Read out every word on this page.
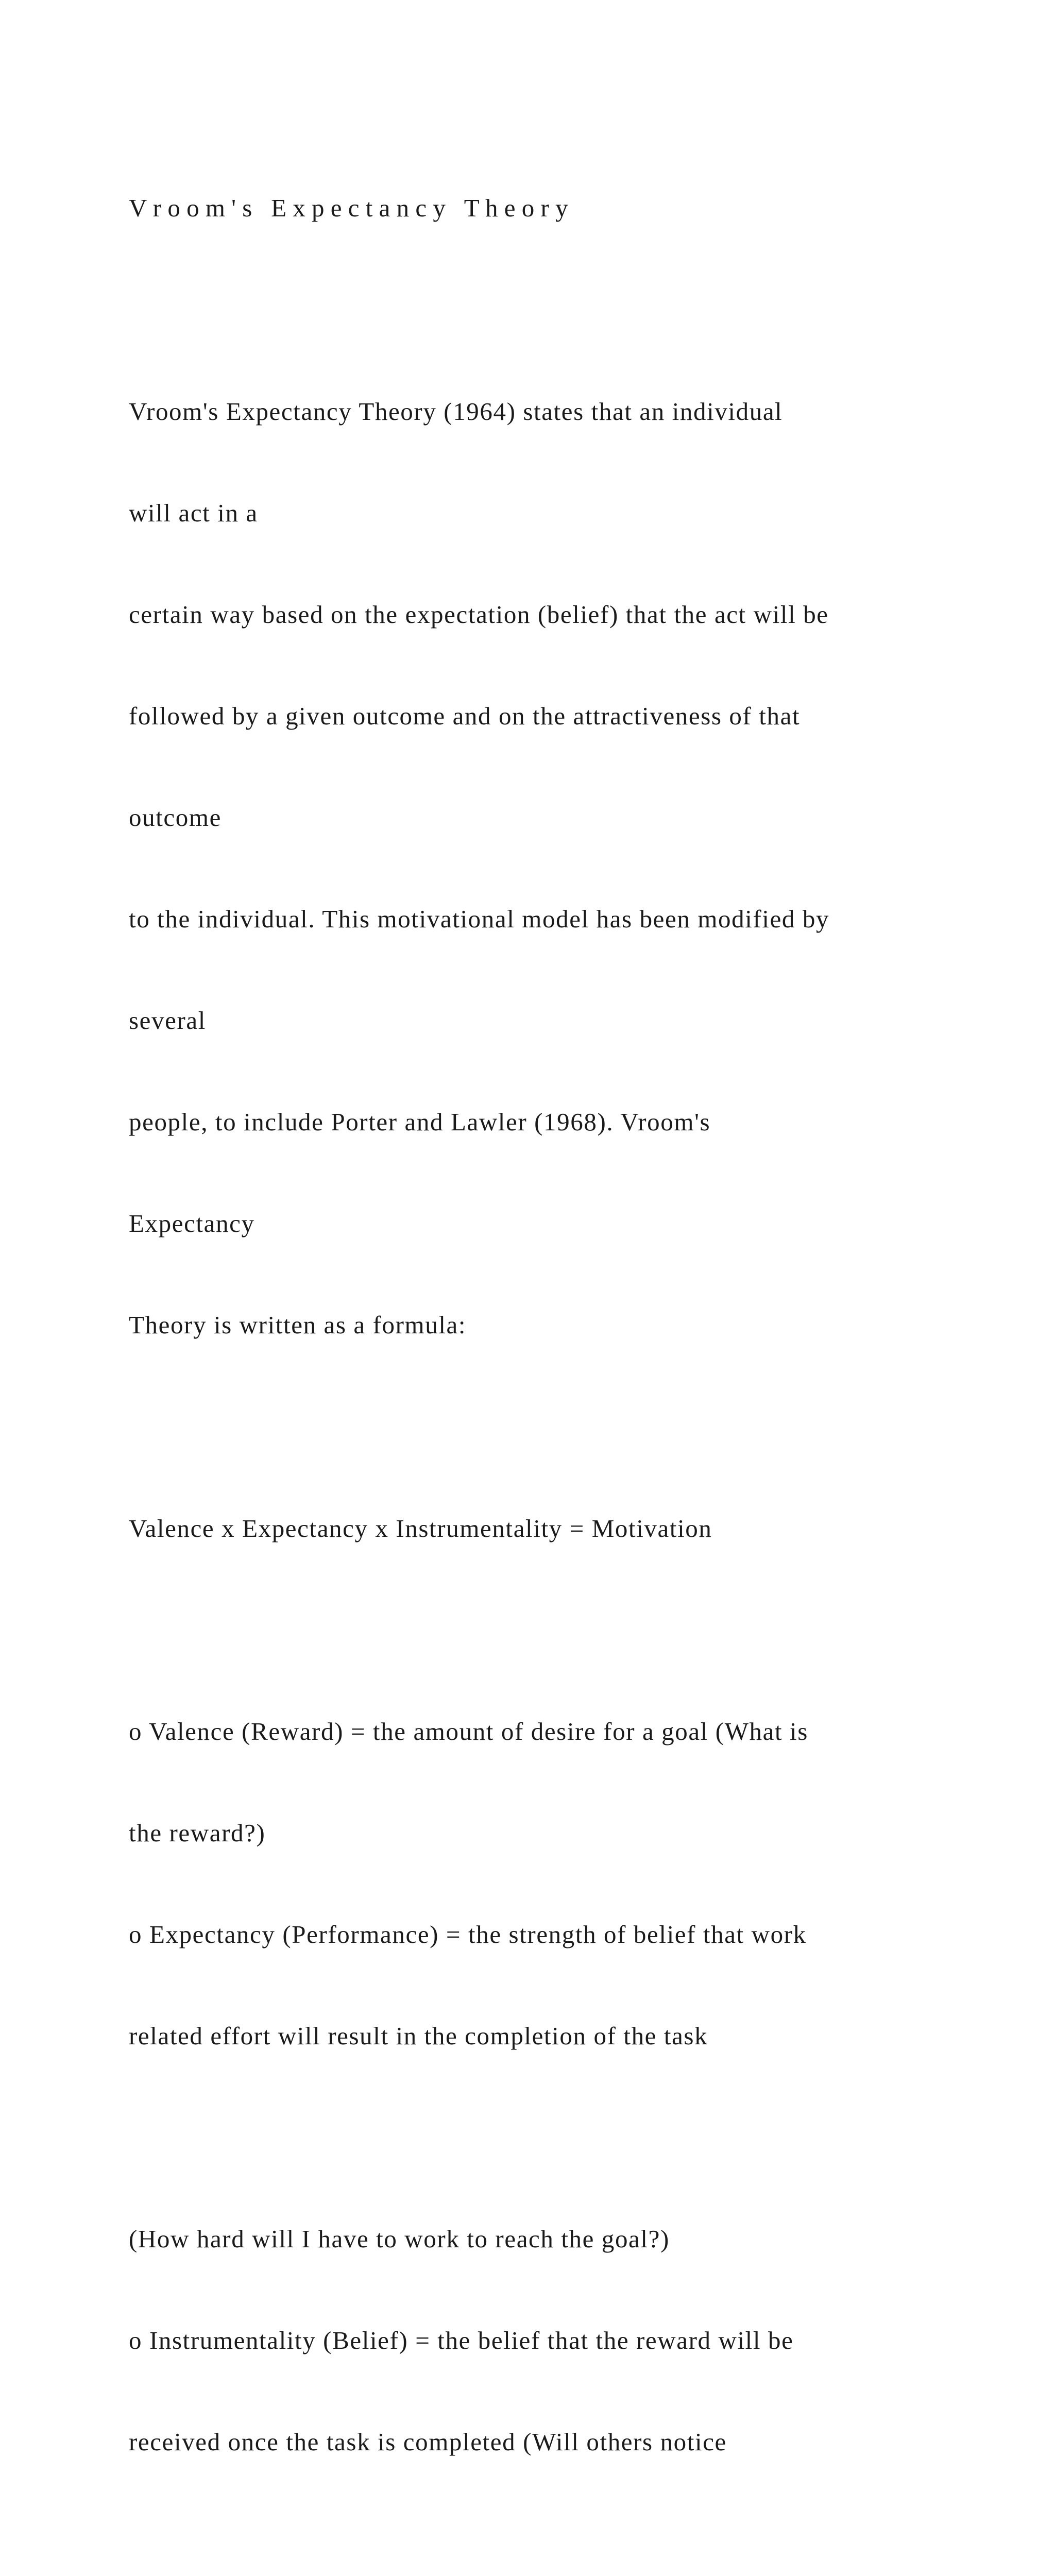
V r o o m ' s   E x p e c t a n c y   T h e o r y

Vroom's Expectancy Theory (1964) states that an individual

will act in a

certain way based on the expectation (belief) that the act will be

followed by a given outcome and on the attractiveness of that

outcome

to the individual. This motivational model has been modified by

several

people, to include Porter and Lawler (1968). Vroom's

Expectancy

Theory is written as a formula:

Valence x Expectancy x Instrumentality = Motivation

o Valence (Reward) = the amount of desire for a goal (What is

the reward?)

o Expectancy (Performance) = the strength of belief that work

related effort will result in the completion of the task

(How hard will I have to work to reach the goal?)

o Instrumentality (Belief) = the belief that the reward will be

received once the task is completed (Will others notice
